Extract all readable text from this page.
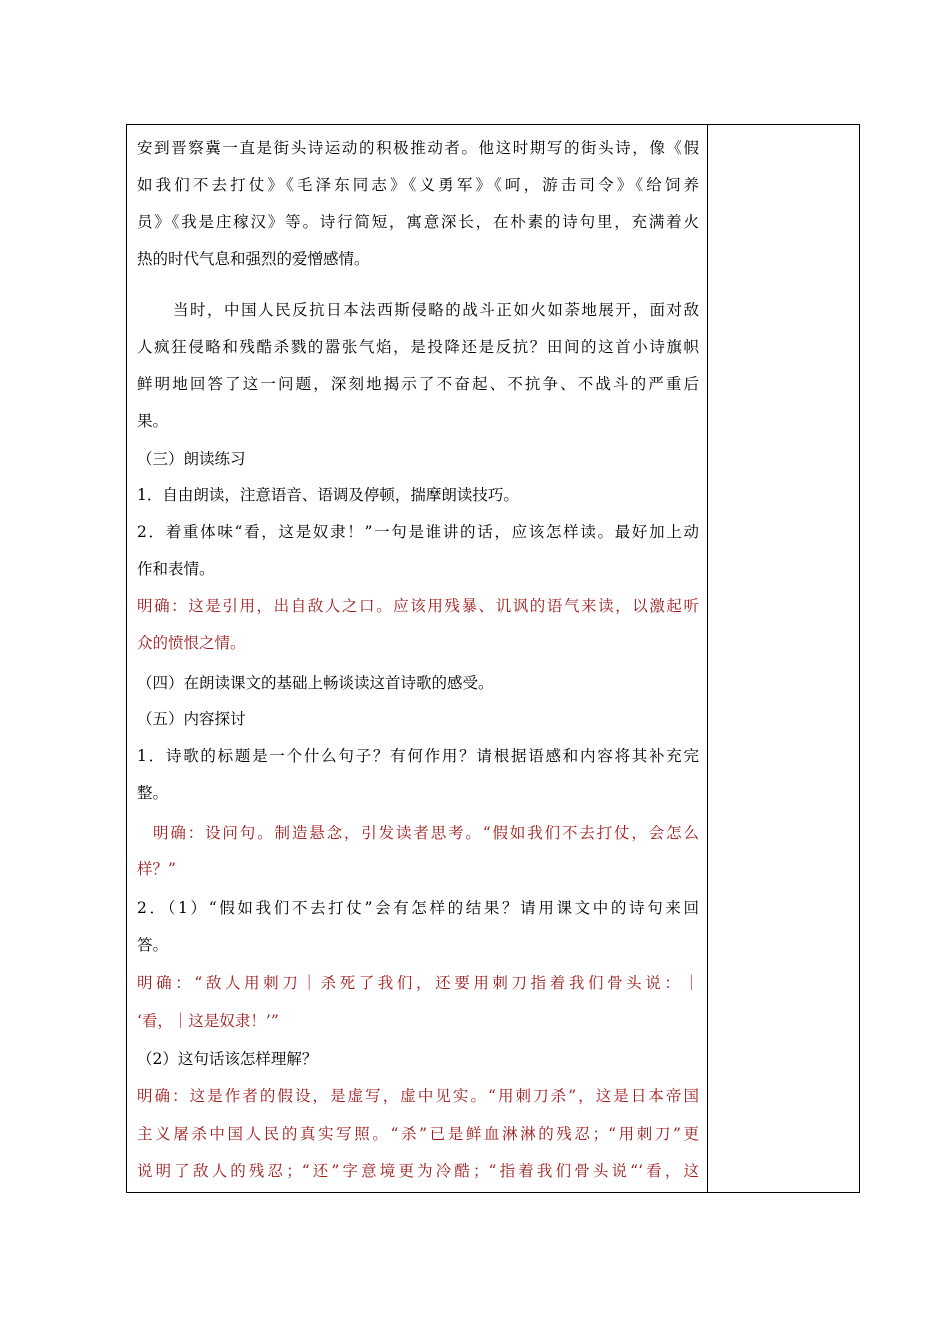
安到晋察冀一直是街头诗运动的积极推动者。他这时期写的街头诗，像《假
如我们不去打仗》《毛泽东同志》《义勇军》《呵，游击司令》《给饲养
员》《我是庄稼汉》等。诗行简短，寓意深长，在朴素的诗句里，充满着火
热的时代气息和强烈的爱憎感情。
当时，中国人民反抗日本法西斯侵略的战斗正如火如荼地展开，面对敌
人疯狂侵略和残酷杀戮的嚣张气焰，是投降还是反抗？田间的这首小诗旗帜
鲜明地回答了这一问题，深刻地揭示了不奋起、不抗争、不战斗的严重后
果。
（三）朗读练习
1．自由朗读，注意语音、语调及停顿，揣摩朗读技巧。
2．着重体味“看，这是奴隶！”一句是谁讲的话，应该怎样读。最好加上动
作和表情。
明确：这是引用，出自敌人之口。应该用残暴、讥讽的语气来读，以激起听
众的愤恨之情。
（四）在朗读课文的基础上畅谈读这首诗歌的感受。
（五）内容探讨
1．诗歌的标题是一个什么句子？有何作用？请根据语感和内容将其补充完
整。
明确：设问句。制造悬念，引发读者思考。“假如我们不去打仗，会怎么
样？”
2．（1）“假如我们不去打仗”会有怎样的结果？请用课文中的诗句来回
答。
明确：“敌人用刺刀｜杀死了我们，还要用刺刀指着我们骨头说：｜
‘看，｜这是奴隶！’”
（2）这句话该怎样理解？
明确：这是作者的假设，是虚写，虚中见实。“用刺刀杀”，这是日本帝国
主义屠杀中国人民的真实写照。“杀”已是鲜血淋淋的残忍；“用刺刀”更
说明了敌人的残忍；“还”字意境更为冷酷；“指着我们骨头说“‘看，这
